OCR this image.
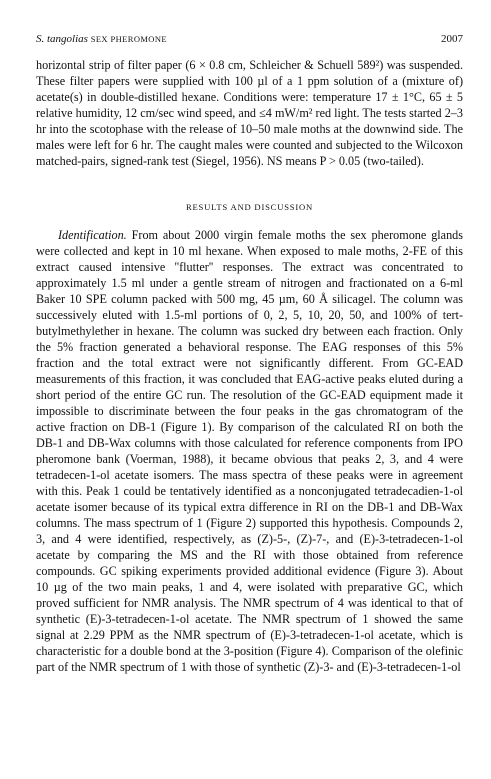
S. tangolias SEX PHEROMONE	2007

horizontal strip of filter paper (6 × 0.8 cm, Schleicher & Schuell 589²) was suspended. These filter papers were supplied with 100 µl of a 1 ppm solution of a (mixture of) acetate(s) in double-distilled hexane. Conditions were: temperature 17 ± 1°C, 65 ± 5 relative humidity, 12 cm/sec wind speed, and ≤4 mW/m² red light. The tests started 2–3 hr into the scotophase with the release of 10–50 male moths at the downwind side. The males were left for 6 hr. The caught males were counted and subjected to the Wilcoxon matched-pairs, signed-rank test (Siegel, 1956). NS means P > 0.05 (two-tailed).

RESULTS AND DISCUSSION

Identification. From about 2000 virgin female moths the sex pheromone glands were collected and kept in 10 ml hexane. When exposed to male moths, 2-FE of this extract caused intensive ''flutter'' responses. The extract was concentrated to approximately 1.5 ml under a gentle stream of nitrogen and fractionated on a 6-ml Baker 10 SPE column packed with 500 mg, 45 µm, 60 Å silicagel. The column was successively eluted with 1.5-ml portions of 0, 2, 5, 10, 20, 50, and 100% of tert-butylmethylether in hexane. The column was sucked dry between each fraction. Only the 5% fraction generated a behavioral response. The EAG responses of this 5% fraction and the total extract were not significantly different. From GC-EAD measurements of this fraction, it was concluded that EAG-active peaks eluted during a short period of the entire GC run. The resolution of the GC-EAD equipment made it impossible to discriminate between the four peaks in the gas chromatogram of the active fraction on DB-1 (Figure 1). By comparison of the calculated RI on both the DB-1 and DB-Wax columns with those calculated for reference components from IPO pheromone bank (Voerman, 1988), it became obvious that peaks 2, 3, and 4 were tetradecen-1-ol acetate isomers. The mass spectra of these peaks were in agreement with this. Peak 1 could be tentatively identified as a nonconjugated tetradecadien-1-ol acetate isomer because of its typical extra difference in RI on the DB-1 and DB-Wax columns. The mass spectrum of 1 (Figure 2) supported this hypothesis. Compounds 2, 3, and 4 were identified, respectively, as (Z)-5-, (Z)-7-, and (E)-3-tetradecen-1-ol acetate by comparing the MS and the RI with those obtained from reference compounds. GC spiking experiments provided additional evidence (Figure 3). About 10 µg of the two main peaks, 1 and 4, were isolated with preparative GC, which proved sufficient for NMR analysis. The NMR spectrum of 4 was identical to that of synthetic (E)-3-tetradecen-1-ol acetate. The NMR spectrum of 1 showed the same signal at 2.29 PPM as the NMR spectrum of (E)-3-tetradecen-1-ol acetate, which is characteristic for a double bond at the 3-position (Figure 4). Comparison of the olefinic part of the NMR spectrum of 1 with those of synthetic (Z)-3- and (E)-3-tetradecen-1-ol
